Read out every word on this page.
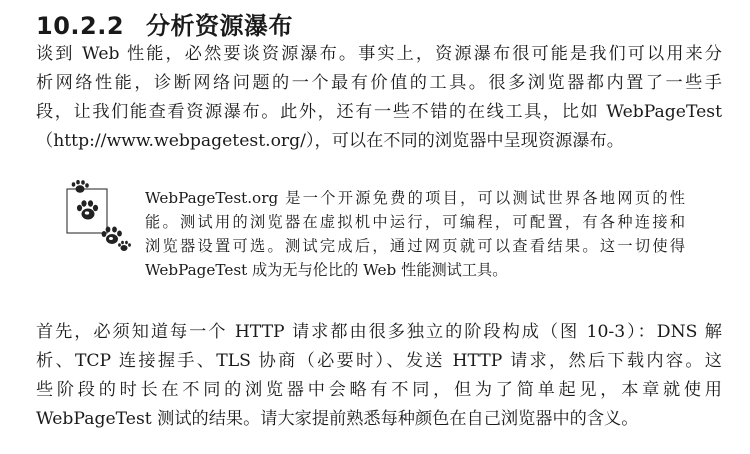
10.2.2 分析资源瀑布
谈到 Web 性能，必然要谈资源瀑布。事实上，资源瀑布很可能是我们可以用来分
析网络性能，诊断网络问题的一个最有价值的工具。很多浏览器都内置了一些手
段，让我们能查看资源瀑布。此外，还有一些不错的在线工具，比如 WebPageTest
（http://www.webpagetest.org/），可以在不同的浏览器中呈现资源瀑布。
WebPageTest.org 是一个开源免费的项目，可以测试世界各地网页的性
能。测试用的浏览器在虚拟机中运行，可编程，可配置，有各种连接和
浏览器设置可选。测试完成后，通过网页就可以查看结果。这一切使得
WebPageTest 成为无与伦比的 Web 性能测试工具。
首先，必须知道每一个 HTTP 请求都由很多独立的阶段构成（图 10-3）：DNS 解
析、TCP 连接握手、TLS 协商（必要时）、发送 HTTP 请求，然后下载内容。这
些阶段的时长在不同的浏览器中会略有不同，但为了简单起见，本章就使用
WebPageTest 测试的结果。请大家提前熟悉每种颜色在自己浏览器中的含义。
